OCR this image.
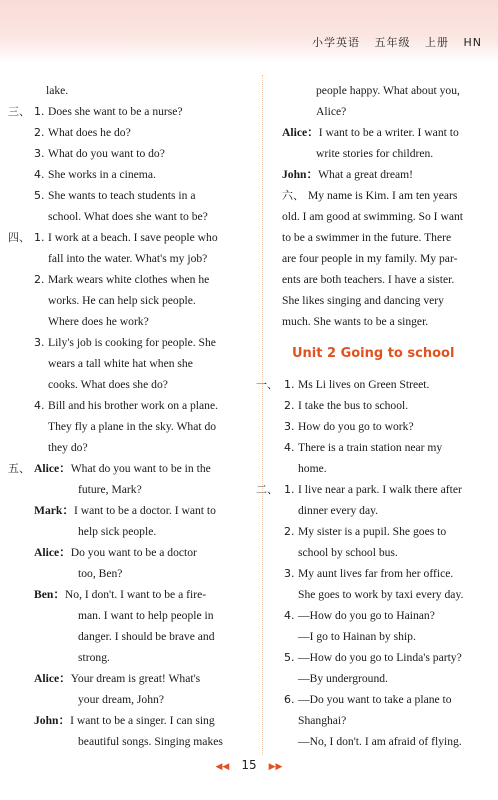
小学英语 五年级 上册 HN
lake.
三、 1. Does she want to be a nurse?
2. What does he do?
3. What do you want to do?
4. She works in a cinema.
5. She wants to teach students in a
school. What does she want to be?
四、 1. I work at a beach. I save people who
fall into the water. What's my job?
2. Mark wears white clothes when he
works. He can help sick people.
Where does he work?
3. Lily's job is cooking for people. She
wears a tall white hat when she
cooks. What does she do?
4. Bill and his brother work on a plane.
They fly a plane in the sky. What do
they do?
五、 Alice：What do you want to be in the
future, Mark?
Mark：I want to be a doctor. I want to
help sick people.
Alice：Do you want to be a doctor
too, Ben?
Ben：No, I don't. I want to be a fire-
man. I want to help people in
danger. I should be brave and
strong.
Alice：Your dream is great! What's
your dream, John?
John：I want to be a singer. I can sing
beautiful songs. Singing makes
people happy. What about you,
Alice?
Alice：I want to be a writer. I want to
write stories for children.
John：What a great dream!
六、 My name is Kim. I am ten years
old. I am good at swimming. So I want
to be a swimmer in the future. There
are four people in my family. My par-
ents are both teachers. I have a sister.
She likes singing and dancing very
much. She wants to be a singer.
Unit 2 Going to school
一、 1. Ms Li lives on Green Street.
2. I take the bus to school.
3. How do you go to work?
4. There is a train station near my
home.
二、 1. I live near a park. I walk there after
dinner every day.
2. My sister is a pupil. She goes to
school by school bus.
3. My aunt lives far from her office.
She goes to work by taxi every day.
4. —How do you go to Hainan?
—I go to Hainan by ship.
5. —How do you go to Linda's party?
—By underground.
6. —Do you want to take a plane to
Shanghai?
—No, I don't. I am afraid of flying.
◀◀ 15 ▶▶
